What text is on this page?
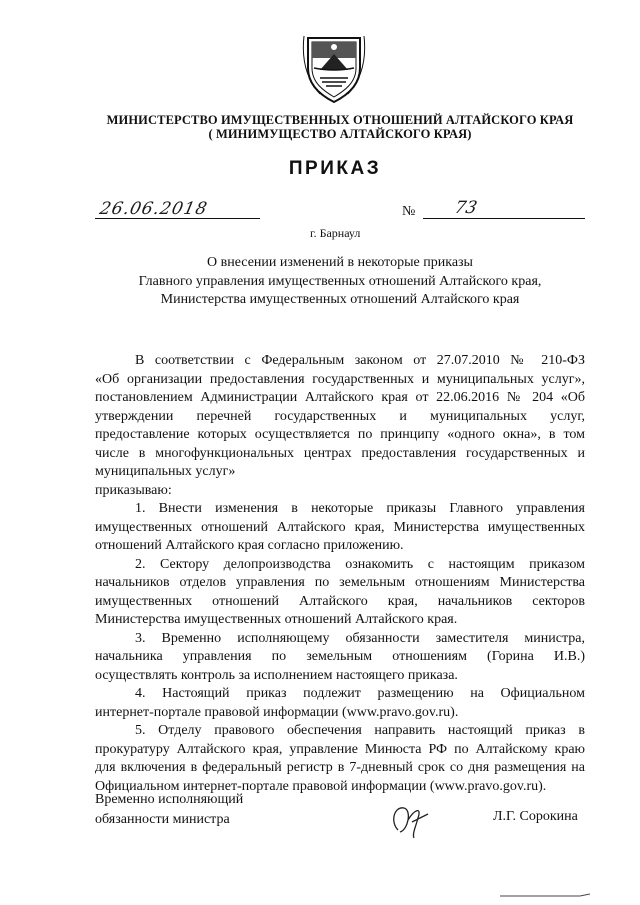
МИНИСТЕРСТВО ИМУЩЕСТВЕННЫХ ОТНОШЕНИЙ АЛТАЙСКОГО КРАЯ
( МИНИМУЩЕСТВО АЛТАЙСКОГО КРАЯ)
ПРИКАЗ
26.06.2018	№ 73
г. Барнаул
О внесении изменений в некоторые приказы
Главного управления имущественных отношений Алтайского края,
Министерства имущественных отношений Алтайского края
В соответствии с Федеральным законом от 27.07.2010 № 210-ФЗ
«Об организации предоставления государственных и муниципальных услуг»,
постановлением Администрации Алтайского края от 22.06.2016 № 204 «Об
утверждении перечней государственных и муниципальных услуг,
предоставление которых осуществляется по принципу «одного окна», в том
числе в многофункциональных центрах предоставления государственных и
муниципальных услуг»
приказываю:
1. Внести изменения в некоторые приказы Главного управления
имущественных отношений Алтайского края, Министерства имущественных
отношений Алтайского края согласно приложению.
2. Сектору делопроизводства ознакомить с настоящим приказом
начальников отделов управления по земельным отношениям Министерства
имущественных отношений Алтайского края, начальников секторов
Министерства имущественных отношений Алтайского края.
3. Временно исполняющему обязанности заместителя министра,
начальника управления по земельным отношениям (Горина И.В.)
осуществлять контроль за исполнением настоящего приказа.
4. Настоящий приказ подлежит размещению на Официальном
интернет-портале правовой информации (www.pravo.gov.ru).
5. Отделу правового обеспечения направить настоящий приказ в
прокуратуру Алтайского края, управление Минюста РФ по Алтайскому краю
для включения в федеральный регистр в 7-дневный срок со дня размещения на
Официальном интернет-портале правовой информации (www.pravo.gov.ru).
Временно исполняющий
обязанности министра	Л.Г. Сорокина
